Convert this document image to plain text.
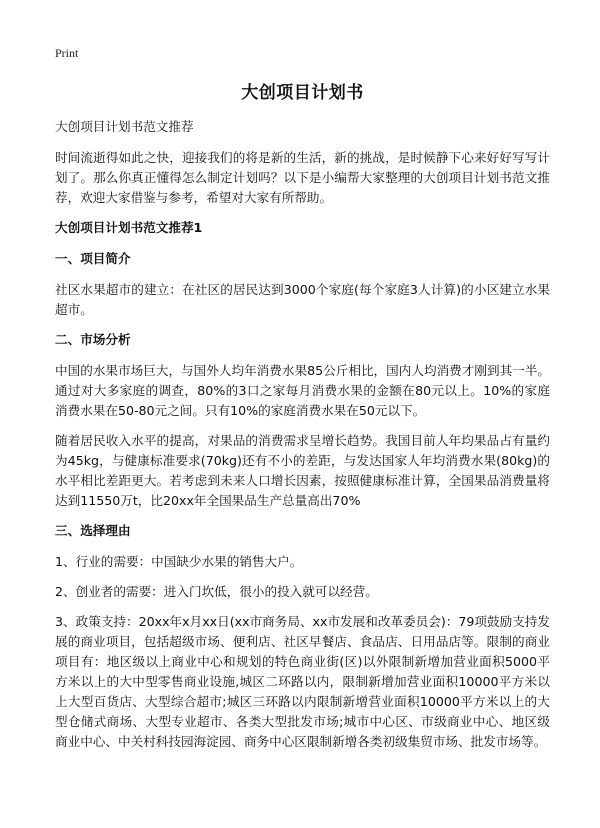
Print
大创项目计划书

大创项目计划书范文推荐

时间流逝得如此之快，迎接我们的将是新的生活，新的挑战，是时候静下心来好好写写计划了。那么你真正懂得怎么制定计划吗？以下是小编帮大家整理的大创项目计划书范文推荐，欢迎大家借鉴与参考，希望对大家有所帮助。

大创项目计划书范文推荐1
一、项目简介

社区水果超市的建立：在社区的居民达到3000个家庭(每个家庭3人计算)的小区建立水果超市。

二、市场分析

中国的水果市场巨大，与国外人均年消费水果85公斤相比，国内人均消费才刚到其一半。通过对大多家庭的调查，80%的3口之家每月消费水果的金额在80元以上。10%的家庭消费水果在50-80元之间。只有10%的家庭消费水果在50元以下。

随着居民收入水平的提高，对果品的消费需求呈增长趋势。我国目前人年均果品占有量约为45kg，与健康标准要求(70kg)还有不小的差距，与发达国家人年均消费水果(80kg)的水平相比差距更大。若考虑到未来人口增长因素，按照健康标准计算，全国果品消费量将达到11550万t，比20xx年全国果品生产总量高出70%

三、选择理由

1、行业的需要：中国缺少水果的销售大户。

2、创业者的需要：进入门坎低，很小的投入就可以经营。

3、政策支持：20xx年x月xx日(xx市商务局、xx市发展和改革委员会)：79项鼓励支持发展的商业项目，包括超级市场、便利店、社区早餐店、食品店、日用品店等。限制的商业项目有：地区级以上商业中心和规划的特色商业街(区)以外限制新增加营业面积5000平方米以上的大中型零售商业设施,城区二环路以内，限制新增加营业面积10000平方米以上大型百货店、大型综合超市;城区三环路以内限制新增营业面积10000平方米以上的大型仓储式商场、大型专业超市、各类大型批发市场;城市中心区、市级商业中心、地区级商业中心、中关村科技园海淀园、商务中心区限制新增各类初级集贸市场、批发市场等。
